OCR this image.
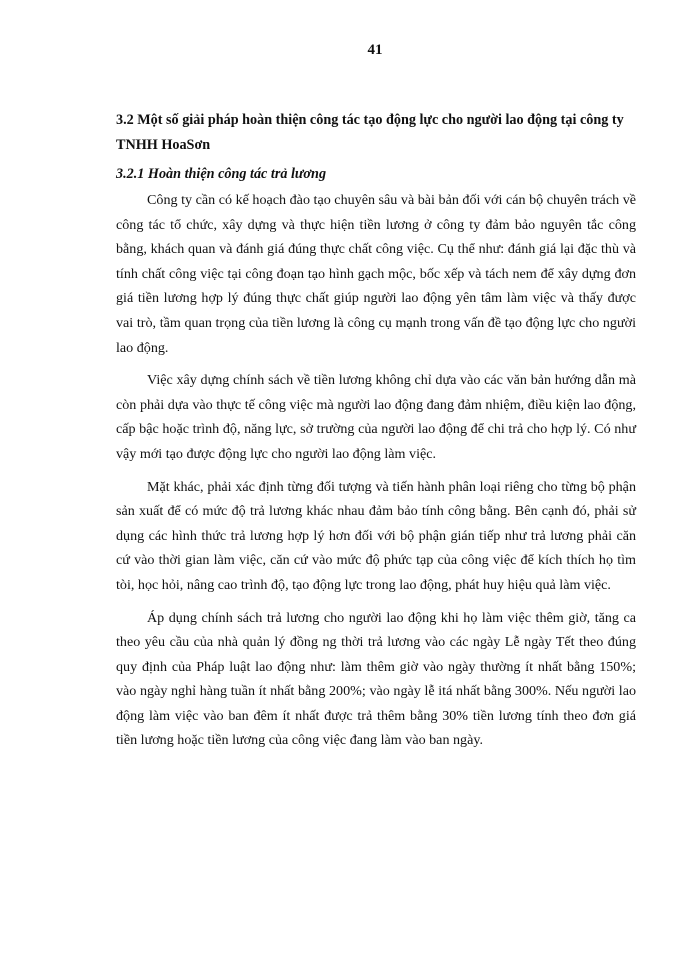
41

3.2 Một số giải pháp hoàn thiện công tác tạo động lực cho người lao động tại công ty TNHH HoaSơn

3.2.1 Hoàn thiện công tác trả lương

Công ty cần có kế hoạch đào tạo chuyên sâu và bài bản đối với cán bộ chuyên trách về công tác tổ chức, xây dựng và thực hiện tiền lương ở công ty đảm bảo nguyên tắc công bằng, khách quan và đánh giá đúng thực chất công việc. Cụ thể như: đánh giá lại đặc thù và tính chất công việc tại công đoạn tạo hình gạch mộc, bốc xếp và tách nem để xây dựng đơn giá tiền lương hợp lý đúng thực chất giúp người lao động yên tâm làm việc và thấy được vai trò, tầm quan trọng của tiền lương là công cụ mạnh trong vấn đề tạo động lực cho người lao động.

Việc xây dựng chính sách về tiền lương không chỉ dựa vào các văn bản hướng dẫn mà còn phải dựa vào thực tế công việc mà người lao động đang đảm nhiệm, điều kiện lao động, cấp bậc hoặc trình độ, năng lực, sở trường của người lao động để chi trả cho hợp lý. Có như vậy mới tạo được động lực cho người lao động làm việc.

Mặt khác, phải xác định từng đối tượng và tiến hành phân loại riêng cho từng bộ phận sản xuất để có mức độ trả lương khác nhau đảm bảo tính công bằng. Bên cạnh đó, phải sử dụng các hình thức trả lương hợp lý hơn đối với bộ phận gián tiếp như trả lương phải căn cứ vào thời gian làm việc, căn cứ vào mức độ phức tạp của công việc để kích thích họ tìm tòi, học hỏi, nâng cao trình độ, tạo động lực trong lao động, phát huy hiệu quả làm việc.

Áp dụng chính sách trả lương cho người lao động khi họ làm việc thêm giờ, tăng ca theo yêu cầu của nhà quản lý đồng ng thời trả lương vào các ngày Lễ ngày Tết theo đúng quy định của Pháp luật lao động như: làm thêm giờ vào ngày thường ít nhất bằng 150%; vào ngày nghỉ hàng tuần ít nhất bằng 200%; vào ngày lễ itá nhất bằng 300%. Nếu người lao động làm việc vào ban đêm ít nhất được trả thêm bằng 30% tiền lương tính theo đơn giá tiền lương hoặc tiền lương của công việc đang làm vào ban ngày.
